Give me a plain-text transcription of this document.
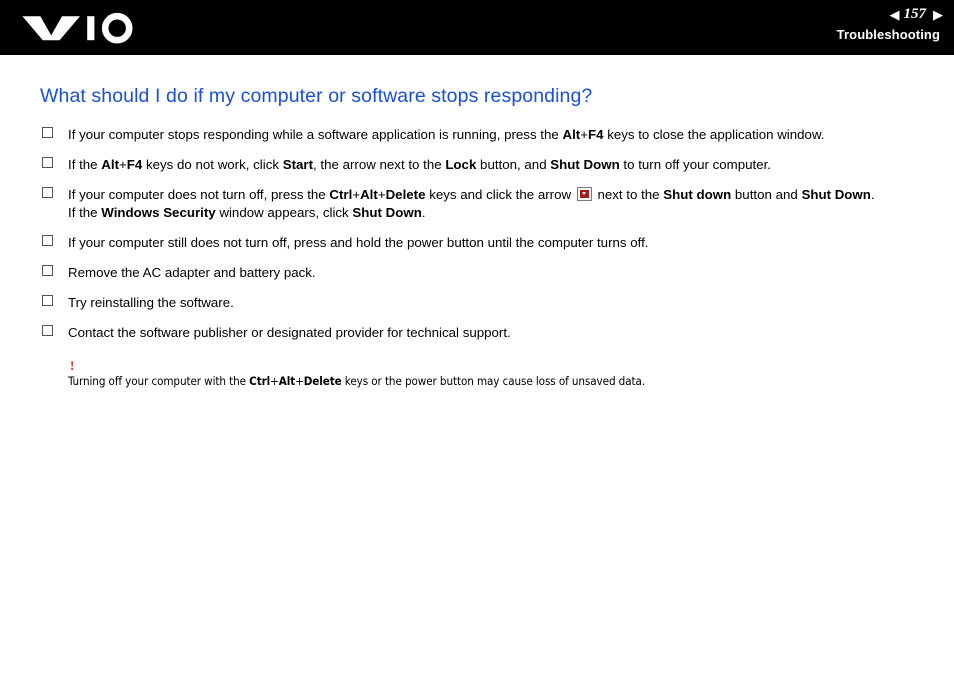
◀ 157 ▶
Troubleshooting
What should I do if my computer or software stops responding?
If your computer stops responding while a software application is running, press the Alt+F4 keys to close the application window.
If the Alt+F4 keys do not work, click Start, the arrow next to the Lock button, and Shut Down to turn off your computer.
If your computer does not turn off, press the Ctrl+Alt+Delete keys and click the arrow  next to the Shut down button and Shut Down.
If the Windows Security window appears, click Shut Down.
If your computer still does not turn off, press and hold the power button until the computer turns off.
Remove the AC adapter and battery pack.
Try reinstalling the software.
Contact the software publisher or designated provider for technical support.
!
Turning off your computer with the Ctrl+Alt+Delete keys or the power button may cause loss of unsaved data.
